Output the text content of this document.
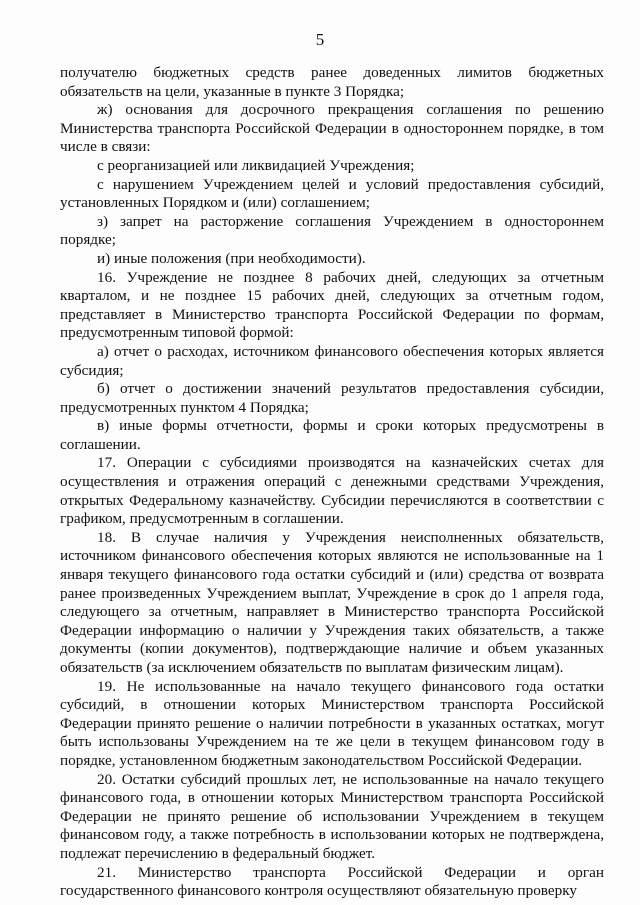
5

получателю бюджетных средств ранее доведенных лимитов бюджетных обязательств на цели, указанные в пункте 3 Порядка;

ж) основания для досрочного прекращения соглашения по решению Министерства транспорта Российской Федерации в одностороннем порядке, в том числе в связи:

с реорганизацией или ликвидацией Учреждения;

с нарушением Учреждением целей и условий предоставления субсидий, установленных Порядком и (или) соглашением;

з) запрет на расторжение соглашения Учреждением в одностороннем порядке;

и) иные положения (при необходимости).

16. Учреждение не позднее 8 рабочих дней, следующих за отчетным кварталом, и не позднее 15 рабочих дней, следующих за отчетным годом, представляет в Министерство транспорта Российской Федерации по формам, предусмотренным типовой формой:

а) отчет о расходах, источником финансового обеспечения которых является субсидия;

б) отчет о достижении значений результатов предоставления субсидии, предусмотренных пунктом 4 Порядка;

в) иные формы отчетности, формы и сроки которых предусмотрены в соглашении.

17. Операции с субсидиями производятся на казначейских счетах для осуществления и отражения операций с денежными средствами Учреждения, открытых Федеральному казначейству. Субсидии перечисляются в соответствии с графиком, предусмотренным в соглашении.

18. В случае наличия у Учреждения неисполненных обязательств, источником финансового обеспечения которых являются не использованные на 1 января текущего финансового года остатки субсидий и (или) средства от возврата ранее произведенных Учреждением выплат, Учреждение в срок до 1 апреля года, следующего за отчетным, направляет в Министерство транспорта Российской Федерации информацию о наличии у Учреждения таких обязательств, а также документы (копии документов), подтверждающие наличие и объем указанных обязательств (за исключением обязательств по выплатам физическим лицам).

19. Не использованные на начало текущего финансового года остатки субсидий, в отношении которых Министерством транспорта Российской Федерации принято решение о наличии потребности в указанных остатках, могут быть использованы Учреждением на те же цели в текущем финансовом году в порядке, установленном бюджетным законодательством Российской Федерации.

20. Остатки субсидий прошлых лет, не использованные на начало текущего финансового года, в отношении которых Министерством транспорта Российской Федерации не принято решение об использовании Учреждением в текущем финансовом году, а также потребность в использовании которых не подтверждена, подлежат перечислению в федеральный бюджет.

21. Министерство транспорта Российской Федерации и орган государственного финансового контроля осуществляют обязательную проверку
